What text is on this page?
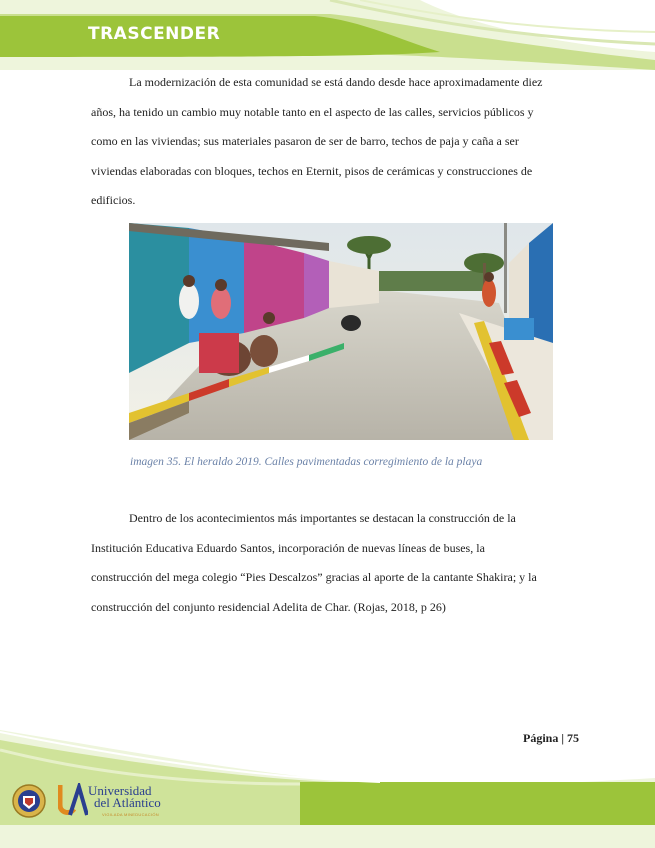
TRASCENDER

La modernización de esta comunidad se está dando desde hace aproximadamente diez
años, ha tenido un cambio muy notable tanto en el aspecto de las calles, servicios públicos y
como en las viviendas; sus materiales pasaron de ser de barro, techos de paja y caña a ser
viviendas elaboradas con bloques, techos en Eternit, pisos de cerámicas y construcciones de
edificios.

imagen 35. El heraldo 2019. Calles pavimentadas corregimiento de la playa

Dentro de los acontecimientos más importantes se destacan la construcción de la
Institución Educativa Eduardo Santos, incorporación de nuevas líneas de buses, la
construcción del mega colegio “Pies Descalzos” gracias al aporte de la cantante Shakira; y la
construcción del conjunto residencial Adelita de Char. (Rojas, 2018, p 26)

Página | 75
Universidad
del Atlántico
VIGILADA MINEDUCACIÓN
